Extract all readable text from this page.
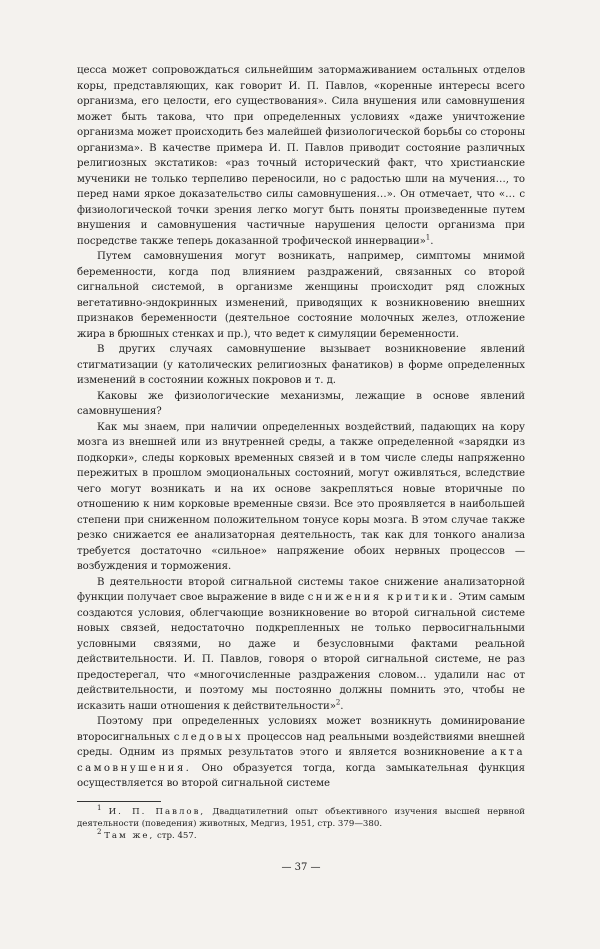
цесса может сопровождаться сильнейшим затормаживанием остальных отделов коры, представляющих, как говорит И. П. Павлов, «коренные интересы всего организма, его целости, его существования». Сила внушения или самовнушения может быть такова, что при определенных условиях «даже уничтожение организма может происходить без малейшей физиологической борьбы со стороны организма». В качестве примера И. П. Павлов приводит состояние различных религиозных экстатиков: «раз точный исторический факт, что христианские мученики не только терпеливо переносили, но с радостью шли на мучения…, то перед нами яркое доказательство силы самовнушения…». Он отмечает, что «… с физиологической точки зрения легко могут быть поняты произведенные путем внушения и самовнушения частичные нарушения целости организма при посредстве также теперь доказанной трофической иннервации»$^1$.

Путем самовнушения могут возникать, например, симптомы мнимой беременности, когда под влиянием раздражений, связанных со второй сигнальной системой, в организме женщины происходит ряд сложных вегетативно-эндокринных изменений, приводящих к возникновению внешних признаков беременности (деятельное состояние молочных желез, отложение жира в брюшных стенках и пр.), что ведет к симуляции беременности.

В других случаях самовнушение вызывает возникновение явлений стигматизации (у католических религиозных фанатиков) в форме определенных изменений в состоянии кожных покровов и т. д.

Каковы же физиологические механизмы, лежащие в основе явлений самовнушения?

Как мы знаем, при наличии определенных воздействий, падающих на кору мозга из внешней или из внутренней среды, а также определенной «зарядки из подкорки», следы корковых временных связей и в том числе следы напряженно пережитых в прошлом эмоциональных состояний, могут оживляться, вследствие чего могут возникать и на их основе закрепляться новые вторичные по отношению к ним корковые временные связи. Все это проявляется в наибольшей степени при сниженном положительном тонусе коры мозга. В этом случае также резко снижается ее анализаторная деятельность, так как для тонкого анализа требуется достаточно «сильное» напряжение обоих нервных процессов — возбуждения и торможения.

В деятельности второй сигнальной системы такое снижение анализаторной функции получает свое выражение в виде снижения критики. Этим самым создаются условия, облегчающие возникновение во второй сигнальной системе новых связей, недостаточно подкрепленных не только первосигнальными условными связями, но даже и безусловными фактами реальной действительности. И. П. Павлов, говоря о второй сигнальной системе, не раз предостерегал, что «многочисленные раздражения словом… удалили нас от действительности, и поэтому мы постоянно должны помнить это, чтобы не исказить наши отношения к действительности»$^2$.

Поэтому при определенных условиях может возникнуть доминирование второсигнальных следовых процессов над реальными воздействиями внешней среды. Одним из прямых результатов этого и является возникновение акта самовнушения. Оно образуется тогда, когда замыкательная функция осуществляется во второй сигнальной системе

$^1$ И. П. Павлов, Двадцатилетний опыт объективного изучения высшей нервной деятельности (поведения) животных, Медгиз, 1951, стр. 379—380.

$^2$ Там же, стр. 457.

— 37 —
